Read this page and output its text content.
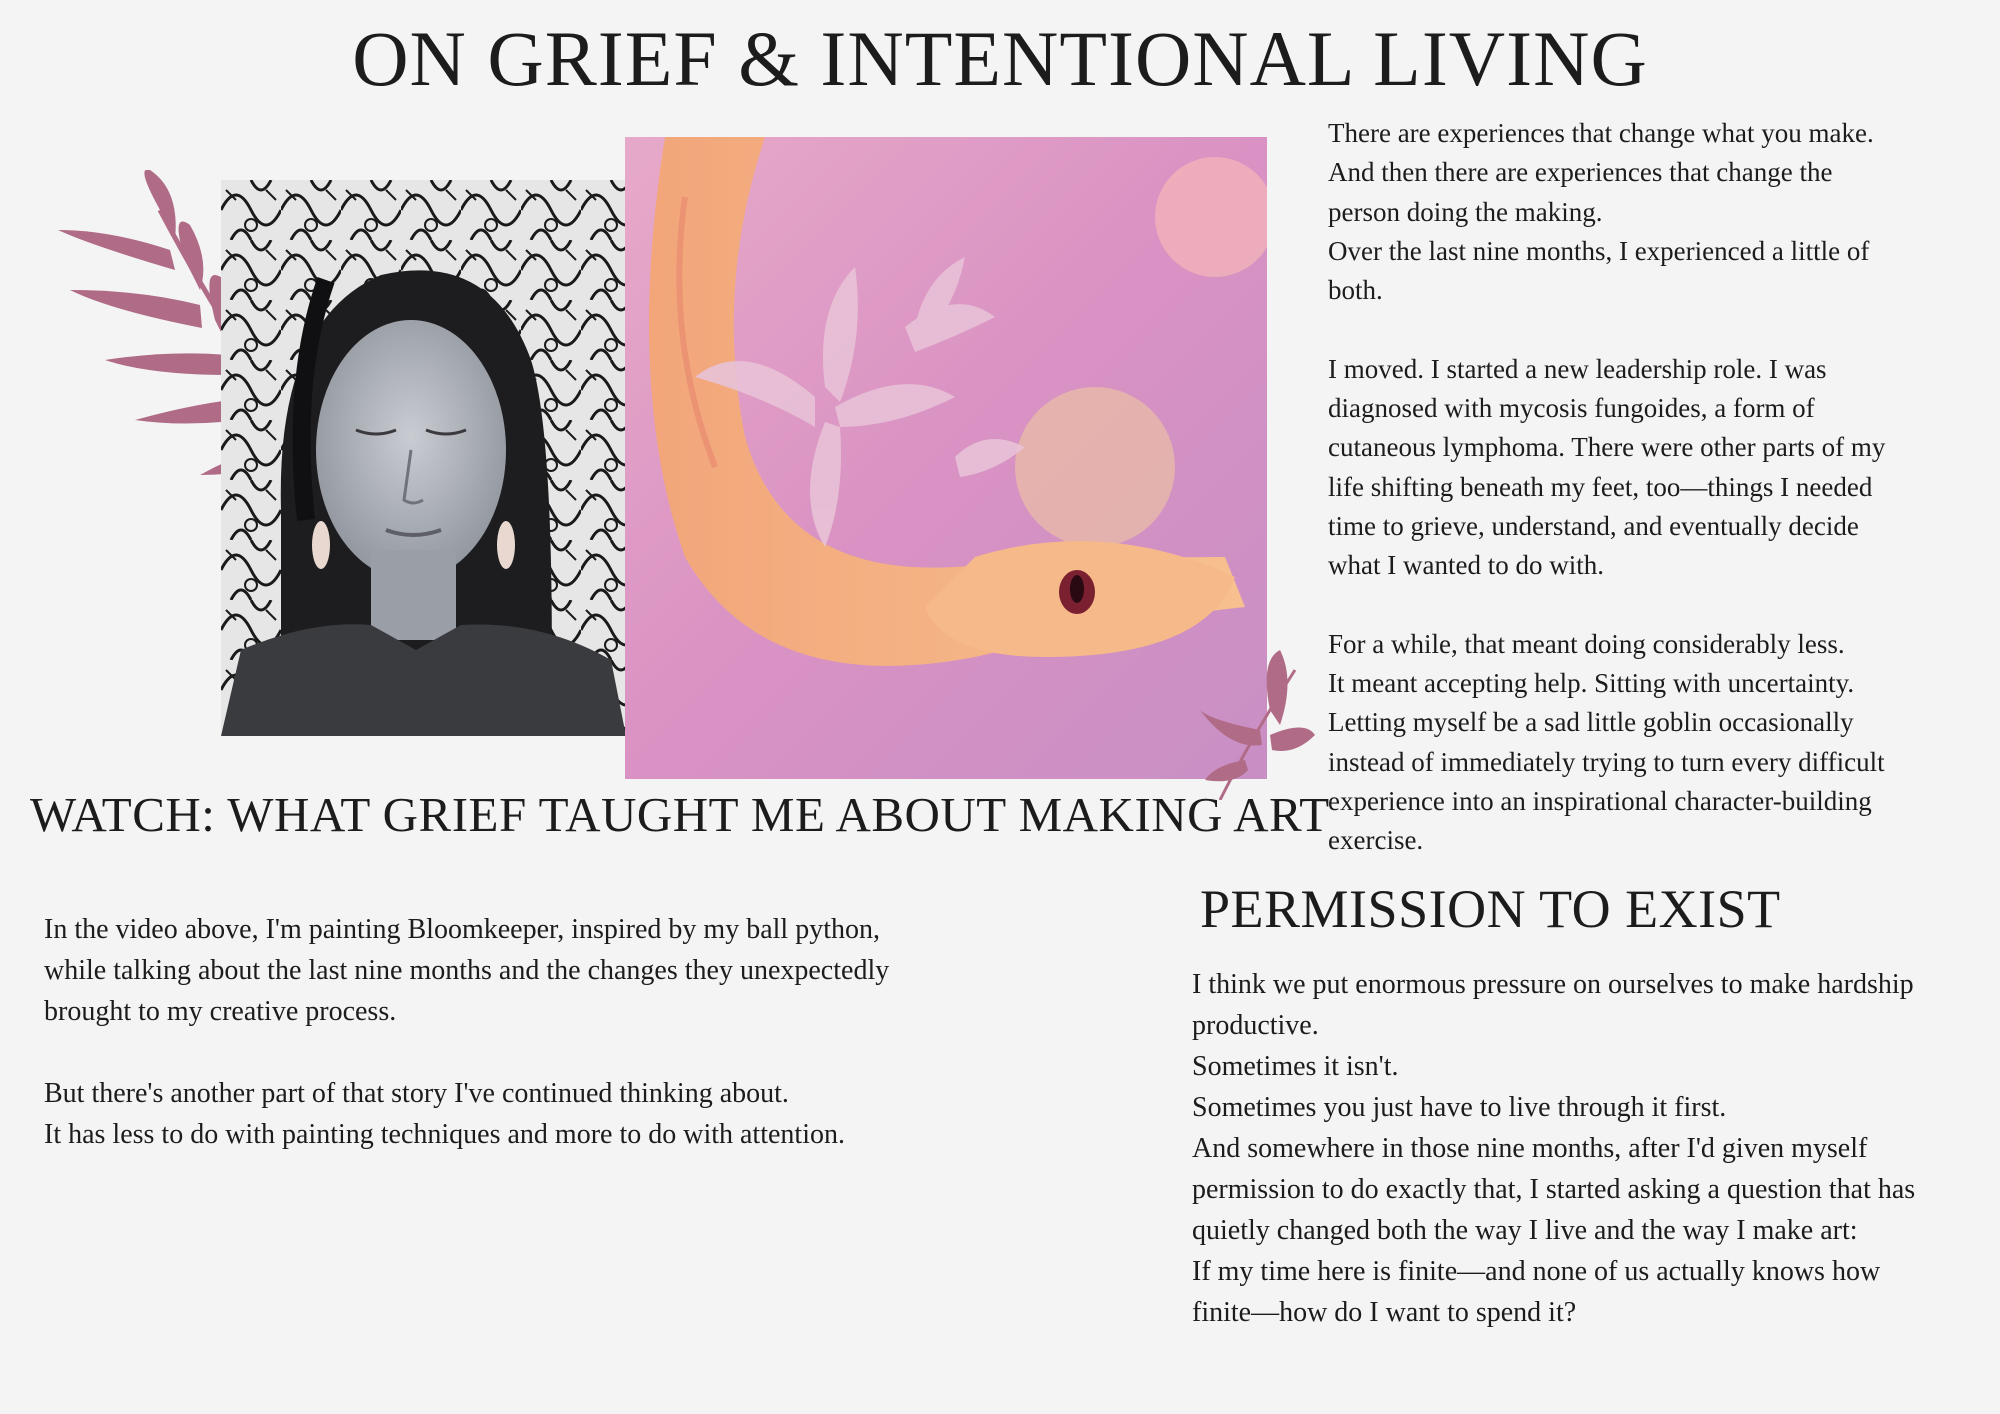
ON GRIEF & INTENTIONAL LIVING

There are experiences that change what you make.
And then there are experiences that change the
person doing the making.
Over the last nine months, I experienced a little of
both.

I moved. I started a new leadership role. I was
diagnosed with mycosis fungoides, a form of
cutaneous lymphoma. There were other parts of my
life shifting beneath my feet, too—things I needed
time to grieve, understand, and eventually decide
what I wanted to do with.

For a while, that meant doing considerably less.
It meant accepting help. Sitting with uncertainty.
Letting myself be a sad little goblin occasionally
instead of immediately trying to turn every difficult
experience into an inspirational character-building
exercise.

WATCH: WHAT GRIEF TAUGHT ME ABOUT MAKING ART

In the video above, I'm painting Bloomkeeper, inspired by my ball python,
while talking about the last nine months and the changes they unexpectedly
brought to my creative process.

But there's another part of that story I've continued thinking about.
It has less to do with painting techniques and more to do with attention.

PERMISSION TO EXIST

I think we put enormous pressure on ourselves to make hardship
productive.
Sometimes it isn't.
Sometimes you just have to live through it first.
And somewhere in those nine months, after I'd given myself
permission to do exactly that, I started asking a question that has
quietly changed both the way I live and the way I make art:
If my time here is finite—and none of us actually knows how
finite—how do I want to spend it?
